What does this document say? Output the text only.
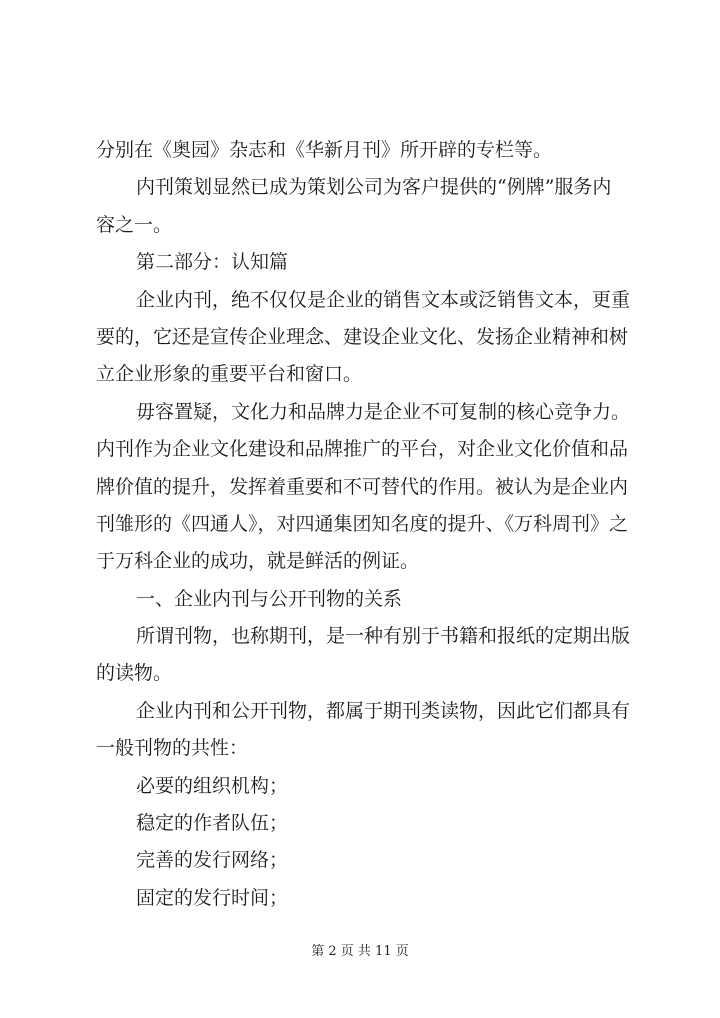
分别在《奥园》杂志和《华新月刊》所开辟的专栏等。
内刊策划显然已成为策划公司为客户提供的“例牌”服务内
容之一。
第二部分：认知篇
企业内刊，绝不仅仅是企业的销售文本或泛销售文本，更重
要的，它还是宣传企业理念、建设企业文化、发扬企业精神和树
立企业形象的重要平台和窗口。
毋容置疑，文化力和品牌力是企业不可复制的核心竞争力。
内刊作为企业文化建设和品牌推广的平台，对企业文化价值和品
牌价值的提升，发挥着重要和不可替代的作用。被认为是企业内
刊雏形的《四通人》，对四通集团知名度的提升、《万科周刊》之
于万科企业的成功，就是鲜活的例证。
一、企业内刊与公开刊物的关系
所谓刊物，也称期刊，是一种有别于书籍和报纸的定期出版
的读物。
企业内刊和公开刊物，都属于期刊类读物，因此它们都具有
一般刊物的共性：
必要的组织机构；
稳定的作者队伍；
完善的发行网络；
固定的发行时间；
第 2 页 共 11 页
